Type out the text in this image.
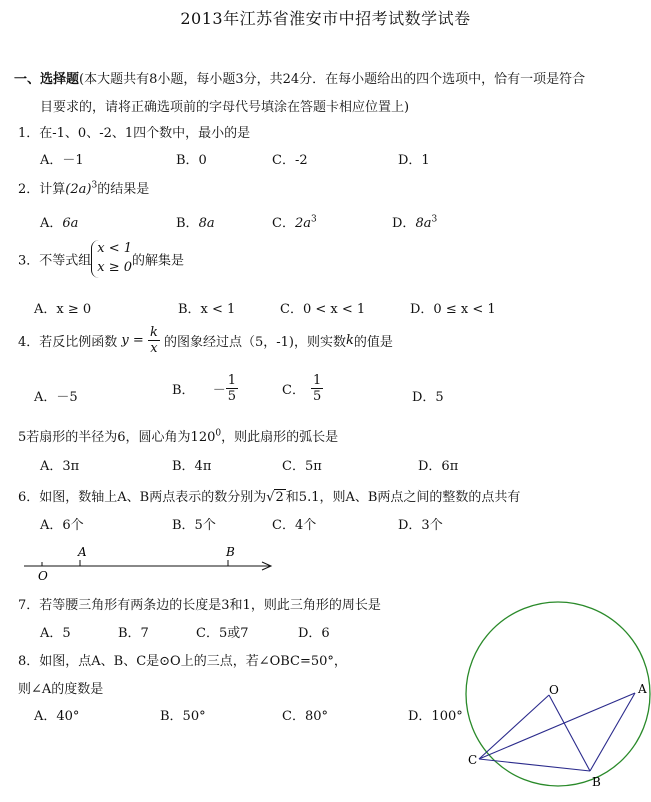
2013年江苏省淮安市中招考试数学试卷
一、选择题(本大题共有8小题，每小题3分，共24分．在每小题给出的四个选项中，恰有一项是符合
目要求的，请将正确选项前的字母代号填涂在答题卡相应位置上)
1．在-1、0、-2、1四个数中，最小的是
A．－1	B．0	C．-2	D．1
2．计算$(2a)^3$的结果是
A．6a	B．8a	C．$2a^3$	D．$8a^3$
3．不等式组
x < 1
x ≥ 0 的解集是
A．x ≥ 0	B．x < 1	C．0 < x < 1	D．0 ≤ x < 1
4．若反比例函数 $y = \frac{k}{x}$ 的图象经过点（5，-1)，则实数k的值是
A．－5	B． － $\frac{1}{5}$	C． $\frac{1}{5}$	D．5
5若扇形的半径为6，圆心角为$120^0$，则此扇形的弧长是
A．3π	B．4π	C．5π	D．6π
6．如图，数轴上A、B两点表示的数分别为√2 和5.1，则A、B两点之间的整数的点共有
A．6个	B．5个	C．4个	D．3个
O
A	B
7．若等腰三角形有两条边的长度是3和1，则此三角形的周长是
A．5	B．7	C．5或7	D．6
8．如图，点A、B、C是⊙O上的三点，若∠OBC=50°，
则∠A的度数是
A．40°	B．50°	C．80°	D．100°
O	A
B
C
